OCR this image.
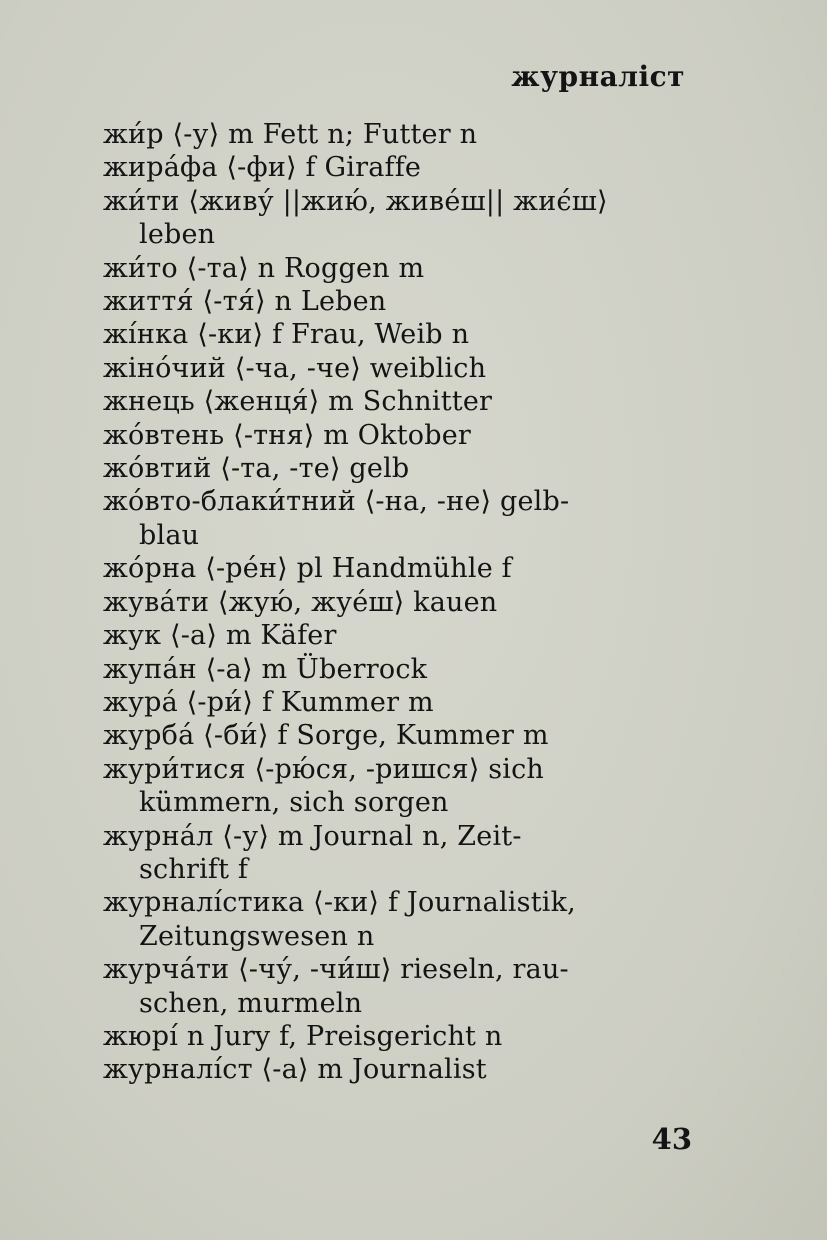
журналіст
жи́р ⟨-у⟩ m Fett n; Futter n
жира́фа ⟨-фи⟩ f Giraffe
жи́ти ⟨живу́ ||жию́, живе́ш|| жиє́ш⟩
leben
жи́то ⟨-та⟩ n Roggen m
життя́ ⟨-тя́⟩ n Leben
жі́нка ⟨-ки⟩ f Frau, Weib n
жіно́чий ⟨-ча, -че⟩ weiblich
жнець ⟨женця́⟩ m Schnitter
жо́втень ⟨-тня⟩ m Oktober
жо́втий ⟨-та, -те⟩ gelb
жо́вто-блаки́тний ⟨-на, -не⟩ gelb-
blau
жо́рна ⟨-ре́н⟩ pl Handmühle f
жува́ти ⟨жую́, жуе́ш⟩ kauen
жук ⟨-а⟩ m Käfer
жупа́н ⟨-а⟩ m Überrock
жура́ ⟨-ри́⟩ f Kummer m
журба́ ⟨-би́⟩ f Sorge, Kummer m
жури́тися ⟨-рю́ся, -ришся⟩ sich
kümmern, sich sorgen
журна́л ⟨-у⟩ m Journal n, Zeit-
schrift f
журналі́стика ⟨-ки⟩ f Journalistik,
Zeitungswesen n
журча́ти ⟨-чу́, -чи́ш⟩ rieseln, rau-
schen, murmeln
жюрі́ n Jury f, Preisgericht n
журналі́ст ⟨-а⟩ m Journalist
43
